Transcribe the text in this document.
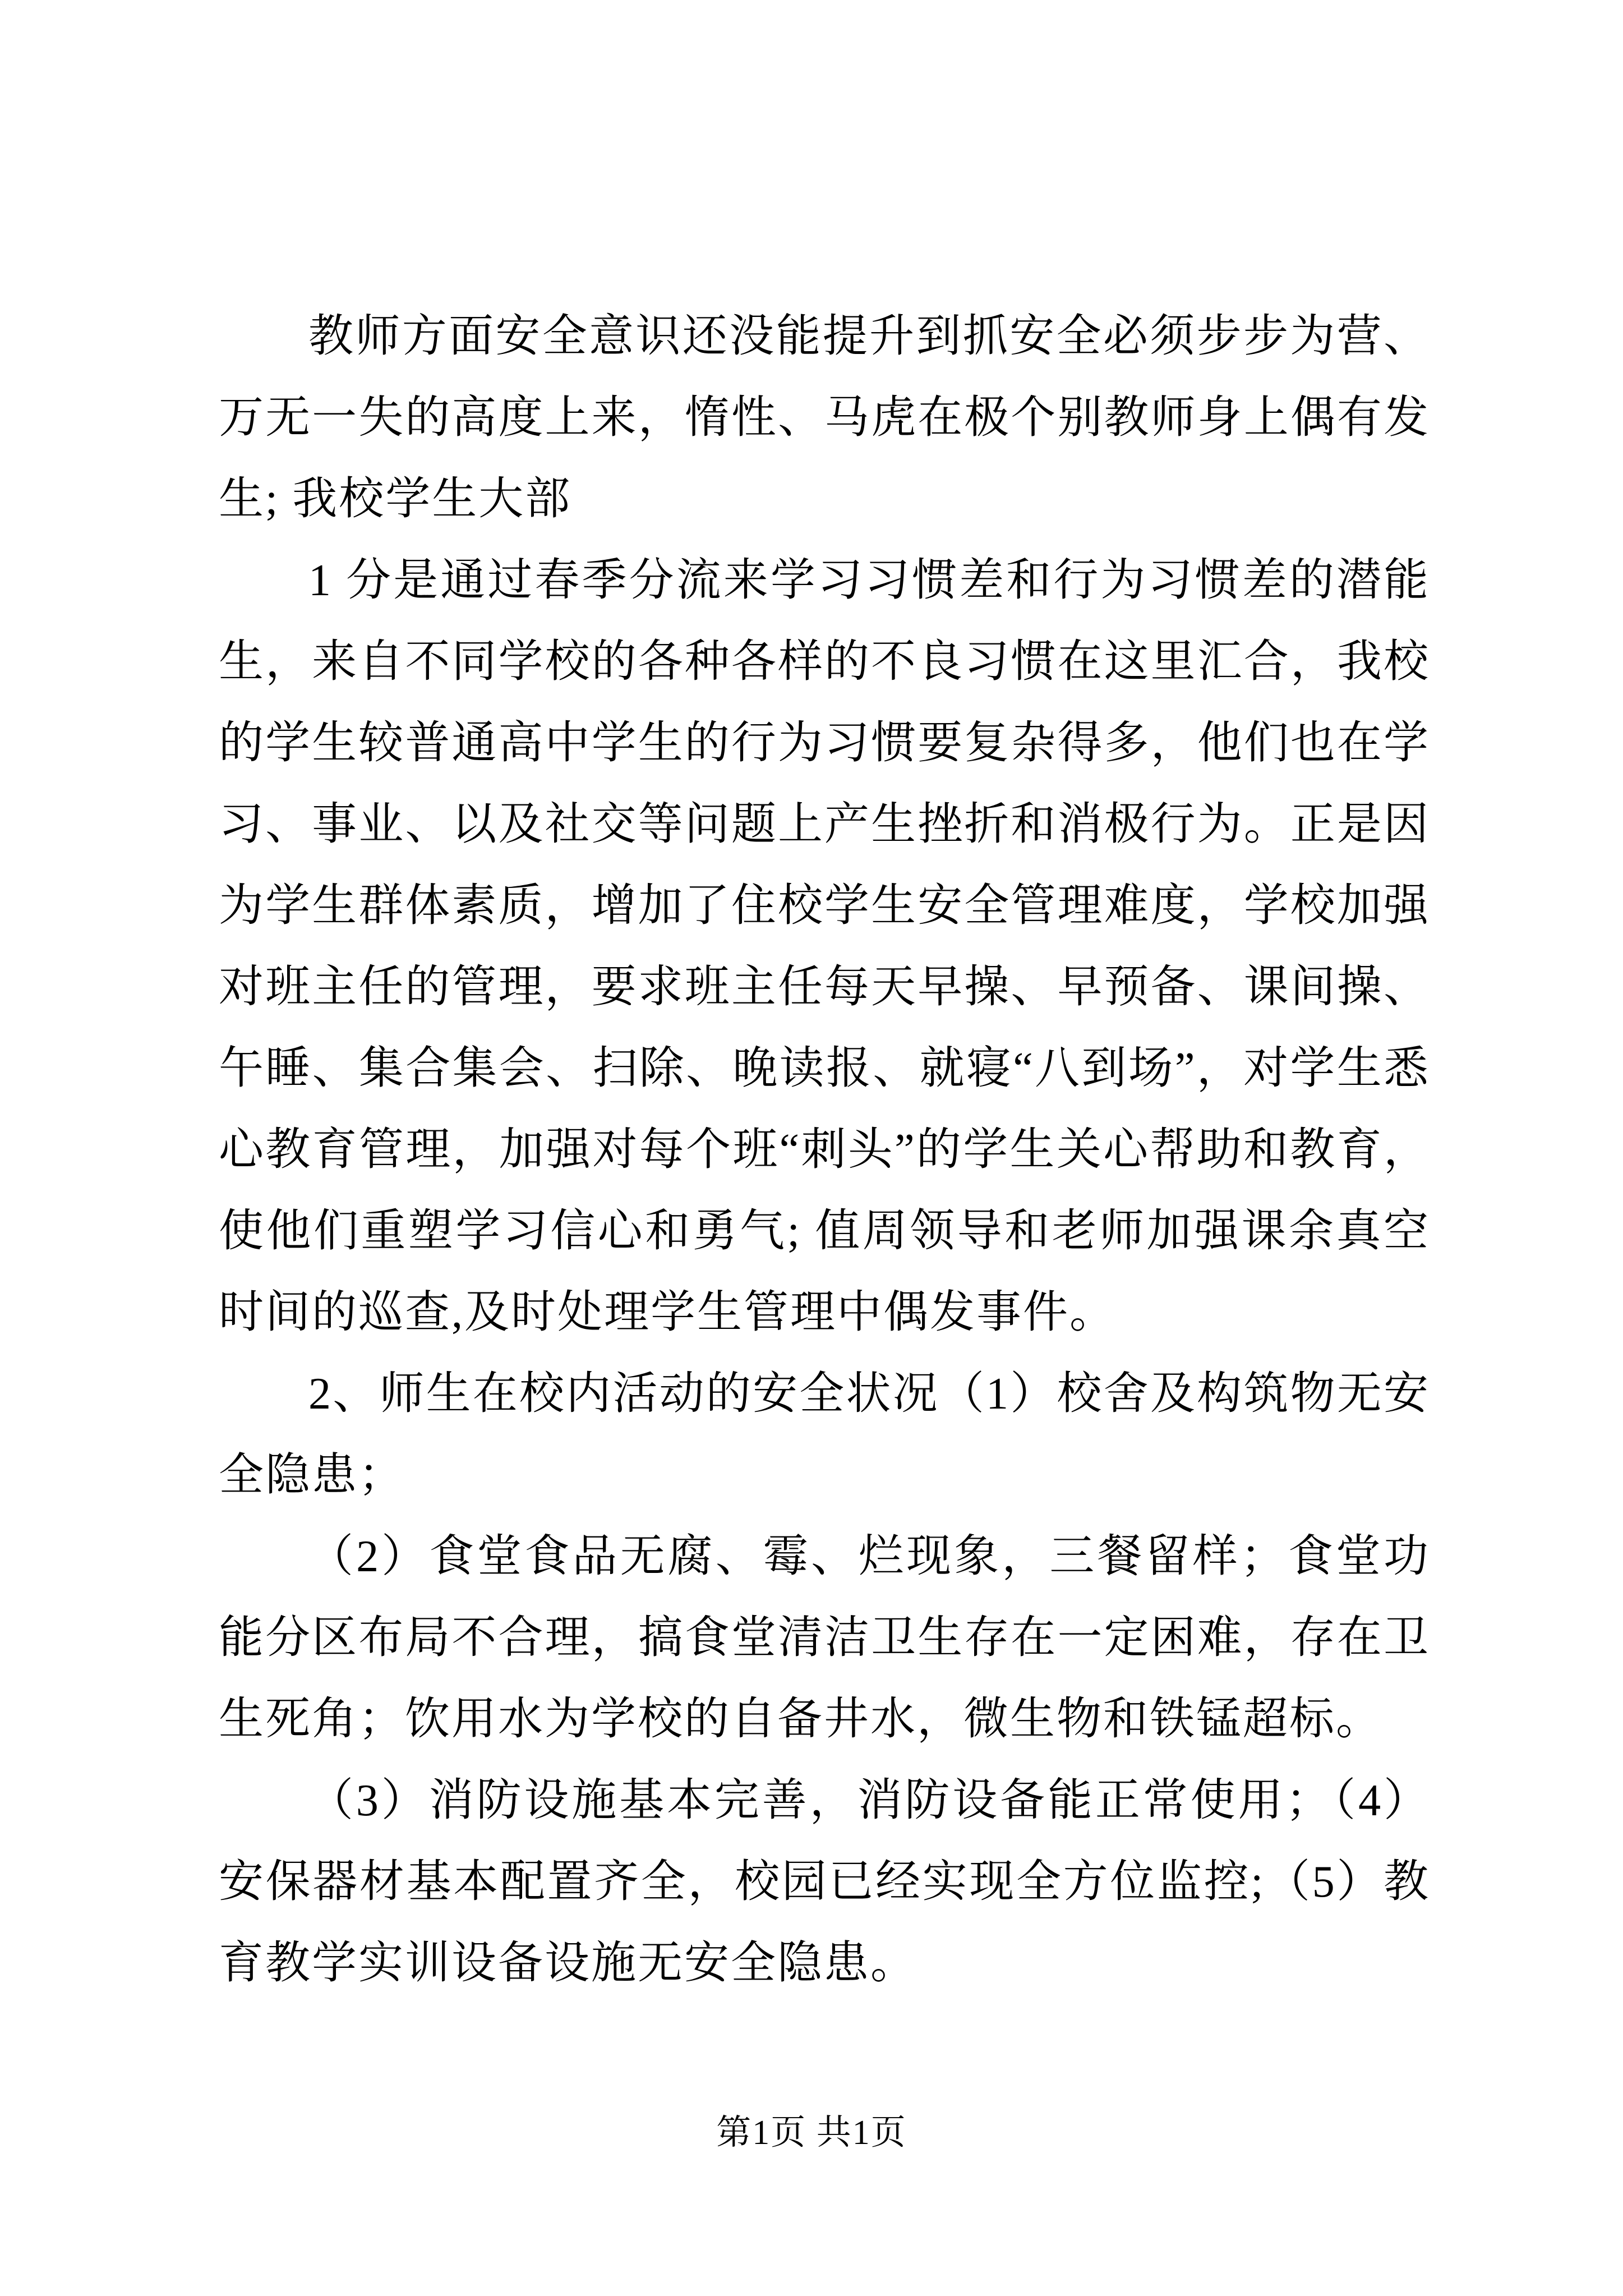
教师方面安全意识还没能提升到抓安全必须步步为营、万无一失的高度上来，惰性、马虎在极个别教师身上偶有发生; 我校学生大部

1 分是通过春季分流来学习习惯差和行为习惯差的潜能生，来自不同学校的各种各样的不良习惯在这里汇合，我校的学生较普通高中学生的行为习惯要复杂得多，他们也在学习、事业、以及社交等问题上产生挫折和消极行为。正是因为学生群体素质，增加了住校学生安全管理难度，学校加强对班主任的管理，要求班主任每天早操、早预备、课间操、午睡、集合集会、扫除、晚读报、就寝“八到场”，对学生悉心教育管理，加强对每个班“刺头”的学生关心帮助和教育，使他们重塑学习信心和勇气; 值周领导和老师加强课余真空时间的巡查,及时处理学生管理中偶发事件。

2、师生在校内活动的安全状况（1）校舍及构筑物无安全隐患；

（2）食堂食品无腐、霉、烂现象，三餐留样；食堂功能分区布局不合理，搞食堂清洁卫生存在一定困难，存在卫生死角；饮用水为学校的自备井水，微生物和铁锰超标。

（3）消防设施基本完善，消防设备能正常使用；（4）安保器材基本配置齐全，校园已经实现全方位监控;（5）教育教学实训设备设施无安全隐患。

第1页 共1页
